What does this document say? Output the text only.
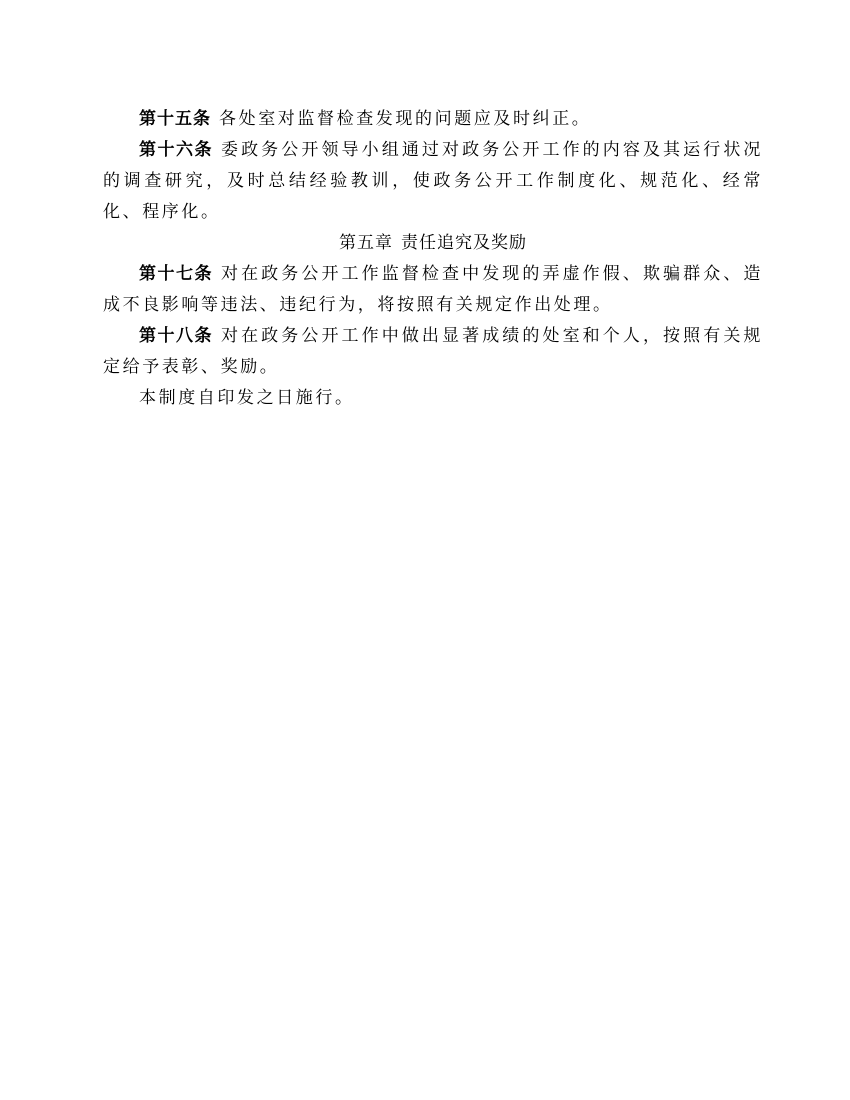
第十五条 各处室对监督检查发现的问题应及时纠正。

第十六条 委政务公开领导小组通过对政务公开工作的内容及其运行状况的调查研究，及时总结经验教训，使政务公开工作制度化、规范化、经常化、程序化。

第五章 责任追究及奖励

第十七条 对在政务公开工作监督检查中发现的弄虚作假、欺骗群众、造成不良影响等违法、违纪行为，将按照有关规定作出处理。

第十八条 对在政务公开工作中做出显著成绩的处室和个人，按照有关规定给予表彰、奖励。

本制度自印发之日施行。
